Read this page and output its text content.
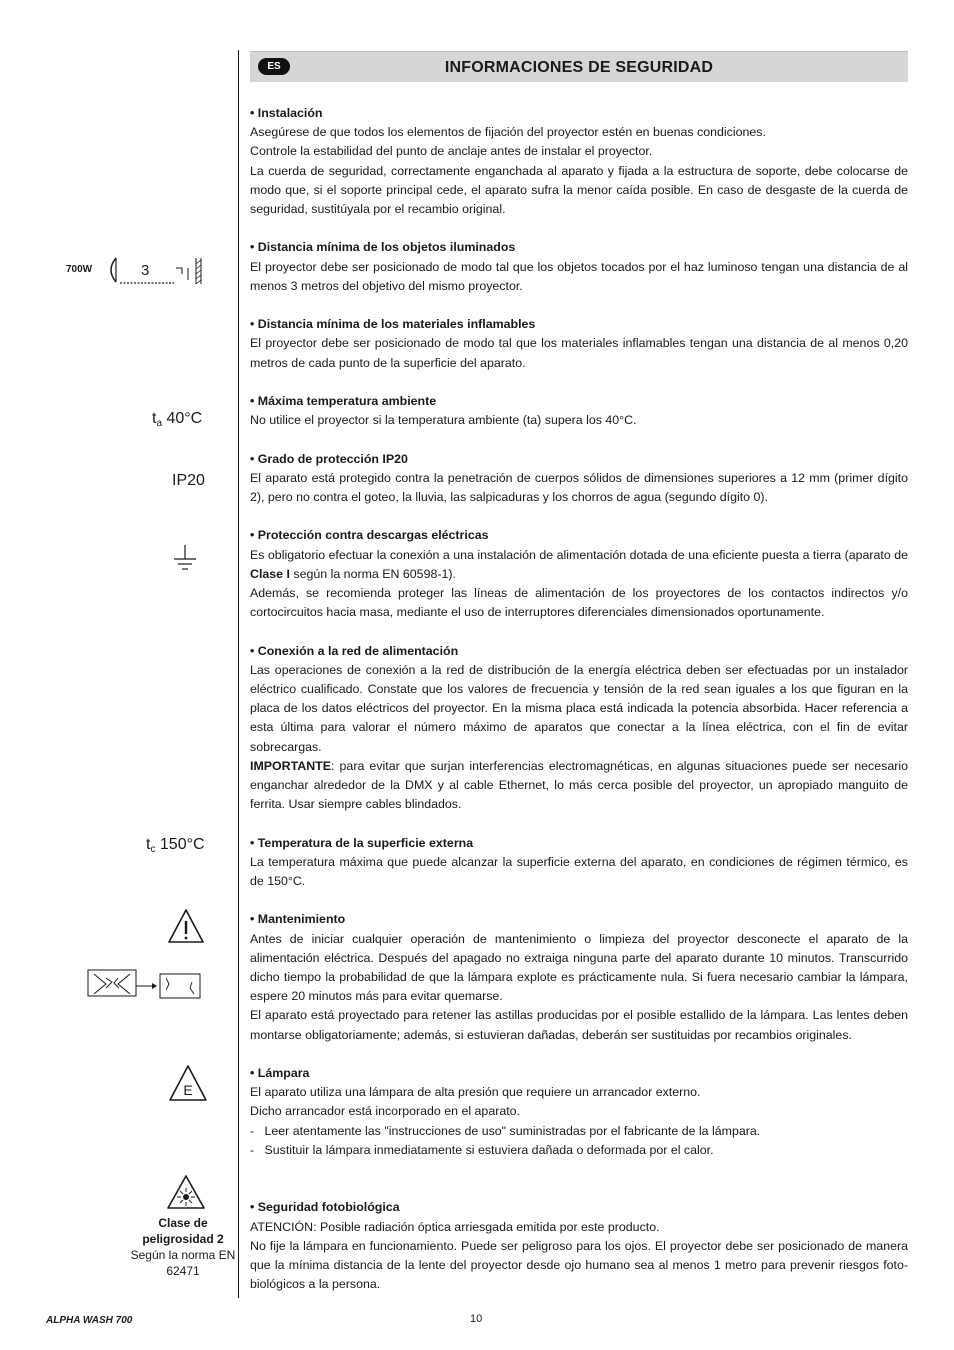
ES	INFORMACIONES DE SEGURIDAD
700W	3
ta 40°C
IP20
tc 150°C
E
Clase de peligrosidad 2
Según la norma EN 62471
• Instalación
Asegúrese de que todos los elementos de fijación del proyector estén en buenas condiciones.
Controle la estabilidad del punto de anclaje antes de instalar el proyector.
La cuerda de seguridad, correctamente enganchada al aparato y fijada a la estructura de soporte, debe colocarse de modo que, si el soporte principal cede, el aparato sufra la menor caída posible. En caso de desgaste de la cuerda de seguridad, sustitúyala por el recambio original.
• Distancia mínima de los objetos iluminados
El proyector debe ser posicionado de modo tal que los objetos tocados por el haz luminoso tengan una distancia de al menos 3 metros del objetivo del mismo proyector.
• Distancia mínima de los materiales inflamables
El proyector debe ser posicionado de modo tal que los materiales inflamables tengan una distancia de al menos 0,20 metros de cada punto de la superficie del aparato.
• Máxima temperatura ambiente
No utilice el proyector si la temperatura ambiente (ta) supera los 40°C.
• Grado de protección IP20
El aparato está protegido contra la penetración de cuerpos sólidos de dimensiones superiores a 12 mm (primer dígito 2), pero no contra el goteo, la lluvia, las salpicaduras y los chorros de agua (segundo dígito 0).
• Protección contra descargas eléctricas
Es obligatorio efectuar la conexión a una instalación de alimentación dotada de una eficiente puesta a tierra (aparato de Clase I según la norma EN 60598-1).
Además, se recomienda proteger las líneas de alimentación de los proyectores de los contactos indirectos y/o cortocircuitos hacia masa, mediante el uso de interruptores diferenciales dimensionados oportunamente.
• Conexión a la red de alimentación
Las operaciones de conexión a la red de distribución de la energía eléctrica deben ser efectuadas por un instalador eléctrico cualificado. Constate que los valores de frecuencia y tensión de la red sean iguales a los que figuran en la placa de los datos eléctricos del proyector. En la misma placa está indicada la potencia absorbida. Hacer referencia a esta última para valorar el número máximo de aparatos que conectar a la línea eléctrica, con el fin de evitar sobrecargas.
IMPORTANTE: para evitar que surjan interferencias electromagnéticas, en algunas situaciones puede ser necesario enganchar alrededor de la DMX y al cable Ethernet, lo más cerca posible del proyector, un apropiado manguito de ferrita. Usar siempre cables blindados.
• Temperatura de la superficie externa
La temperatura máxima que puede alcanzar la superficie externa del aparato, en condiciones de régimen térmico, es de 150°C.
• Mantenimiento
Antes de iniciar cualquier operación de mantenimiento o limpieza del proyector desconecte el aparato de la alimentación eléctrica. Después del apagado no extraiga ninguna parte del aparato durante 10 minutos. Transcurrido dicho tiempo la probabilidad de que la lámpara explote es prácticamente nula. Si fuera necesario cambiar la lámpara, espere 20 minutos más para evitar quemarse.
El aparato está proyectado para retener las astillas producidas por el posible estallido de la lámpara. Las lentes deben montarse obligatoriamente; además, si estuvieran dañadas, deberán ser sustituidas por recambios originales.
• Lámpara
El aparato utiliza una lámpara de alta presión que requiere un arrancador externo.
Dicho arrancador está incorporado en el aparato.
-   Leer atentamente las "instrucciones de uso" suministradas por el fabricante de la lámpara.
-   Sustituir la lámpara inmediatamente si estuviera dañada o deformada por el calor.
• Seguridad fotobiológica
ATENCIÓN: Posible radiación óptica arriesgada emitida por este producto.
No fije la lámpara en funcionamiento. Puede ser peligroso para los ojos. El proyector debe ser posicionado de manera que la mínima distancia de la lente del proyector desde ojo humano sea al menos 1 metro para prevenir riesgos foto-biológicos a la persona.
ALPHA WASH 700	10
